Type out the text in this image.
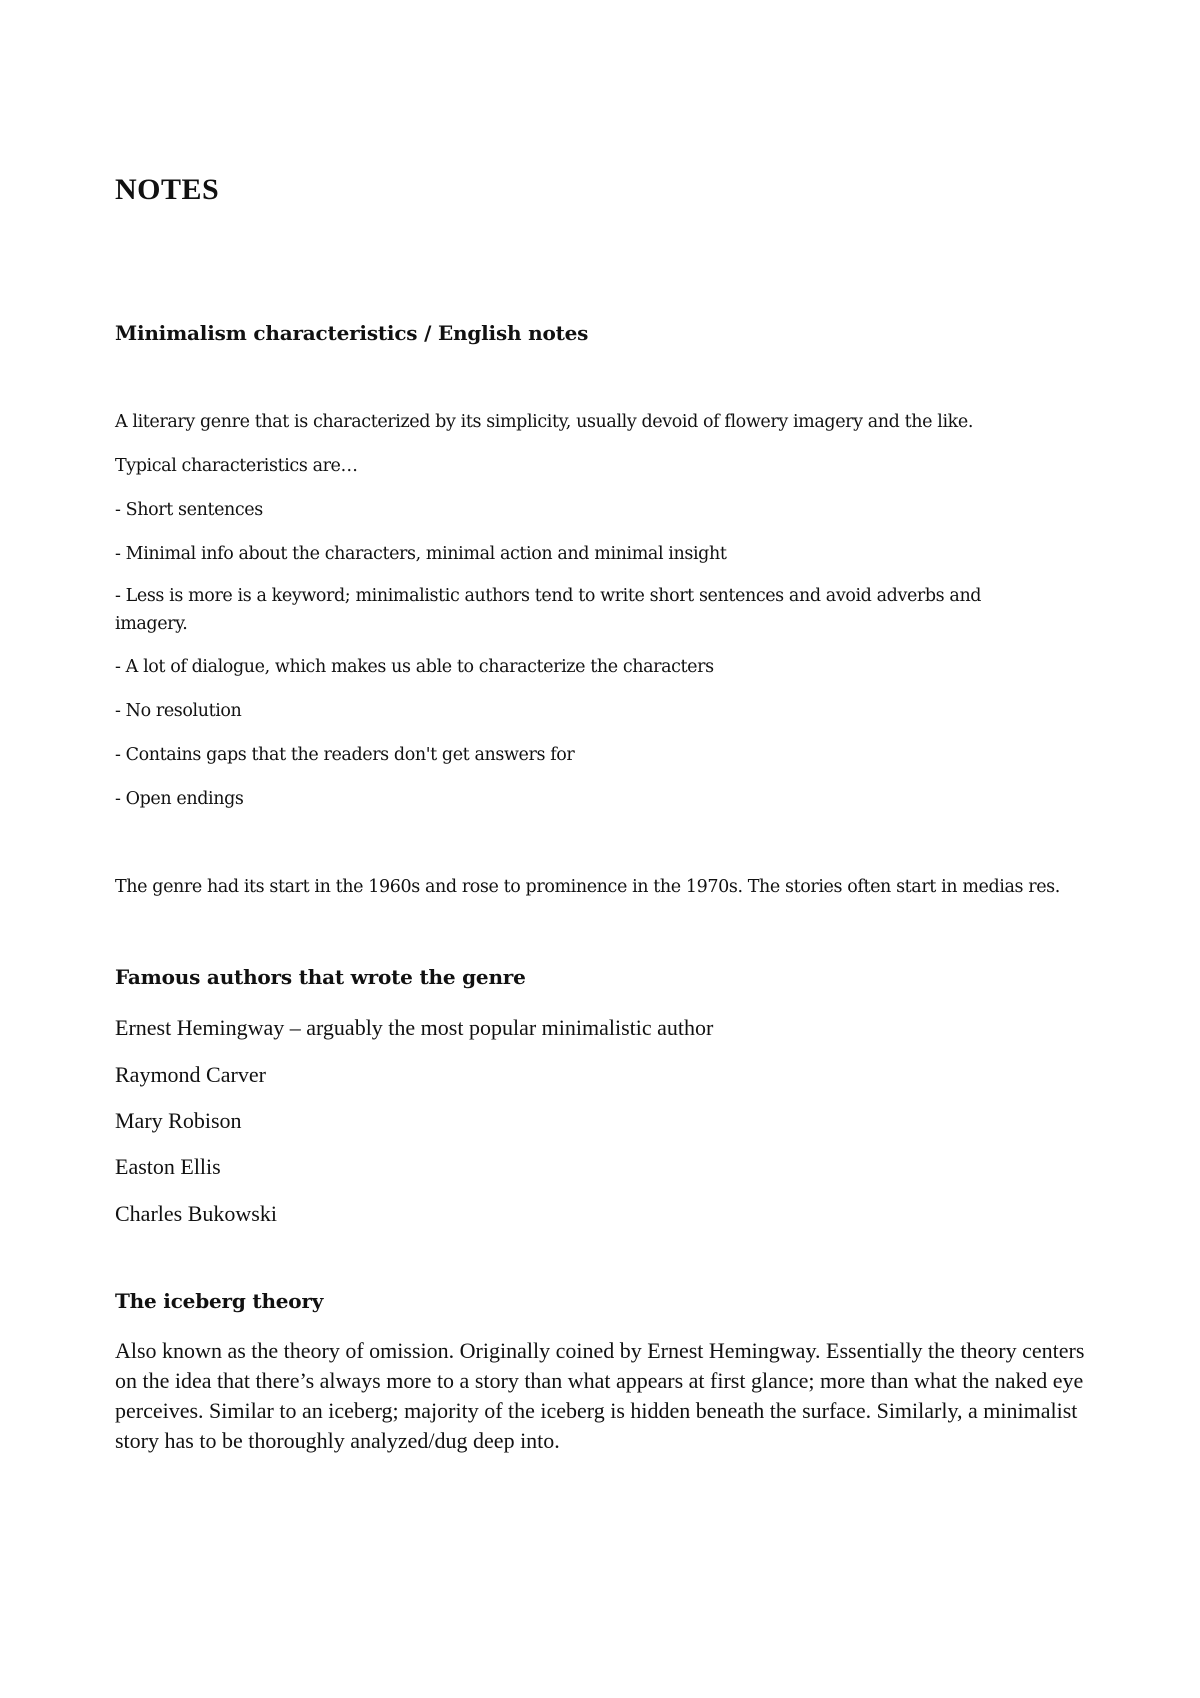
NOTES
Minimalism characteristics / English notes

A literary genre that is characterized by its simplicity, usually devoid of flowery imagery and the like.

Typical characteristics are…

- Short sentences

- Minimal info about the characters, minimal action and minimal insight

- Less is more is a keyword; minimalistic authors tend to write short sentences and avoid adverbs and imagery.

- A lot of dialogue, which makes us able to characterize the characters

- No resolution

- Contains gaps that the readers don't get answers for

- Open endings

The genre had its start in the 1960s and rose to prominence in the 1970s. The stories often start in medias res.

Famous authors that wrote the genre

Ernest Hemingway – arguably the most popular minimalistic author

Raymond Carver

Mary Robison

Easton Ellis

Charles Bukowski

The iceberg theory

Also known as the theory of omission. Originally coined by Ernest Hemingway. Essentially the theory centers on the idea that there’s always more to a story than what appears at first glance; more than what the naked eye perceives. Similar to an iceberg; majority of the iceberg is hidden beneath the surface. Similarly, a minimalist story has to be thoroughly analyzed/dug deep into.
